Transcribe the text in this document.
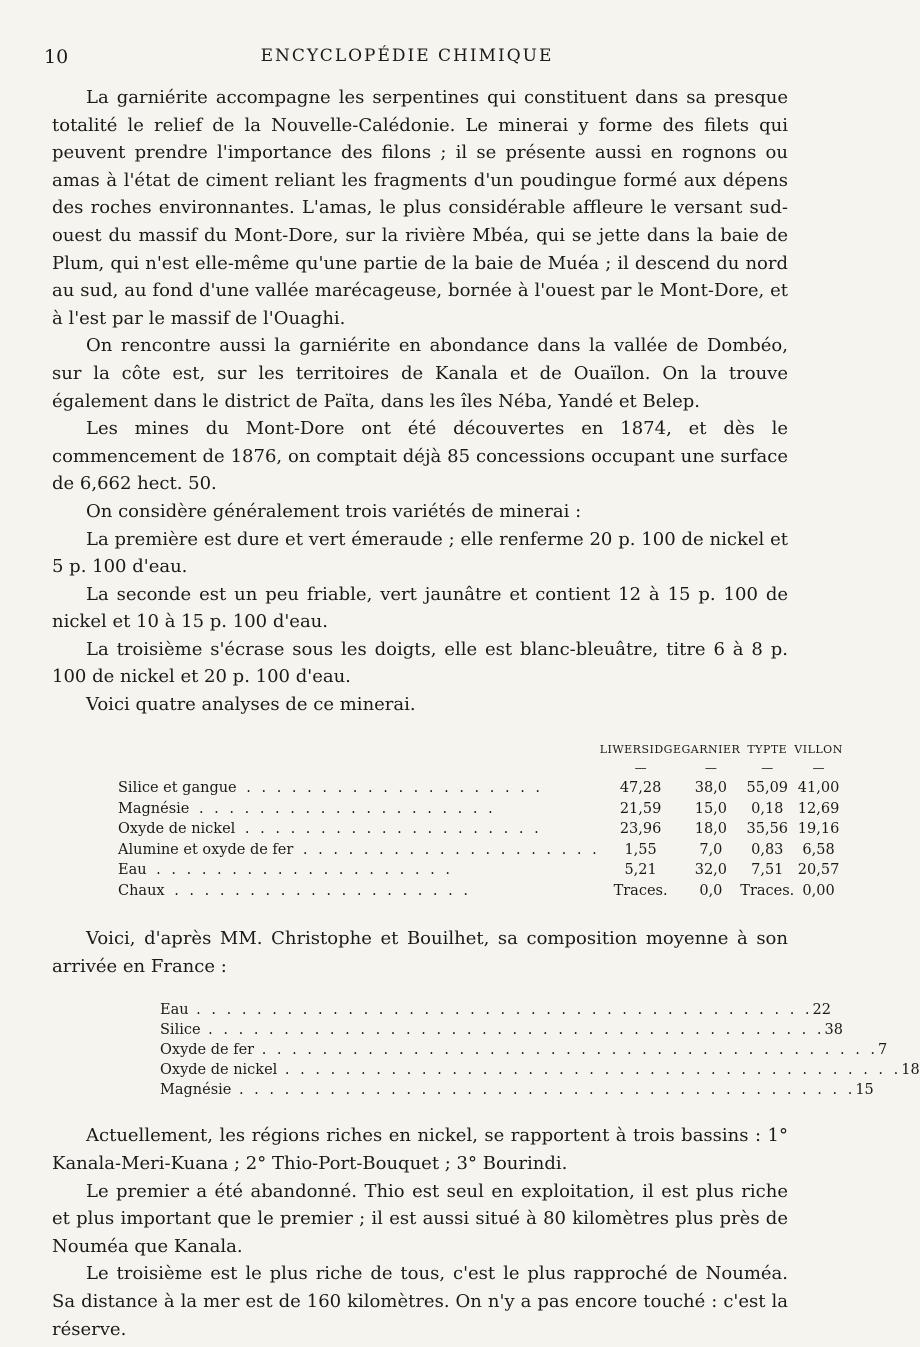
10	ENCYCLOPÉDIE CHIMIQUE

La garniérite accompagne les serpentines qui constituent dans sa presque totalité le relief de la Nouvelle-Calédonie. Le minerai y forme des filets qui peuvent prendre l'importance des filons ; il se présente aussi en rognons ou amas à l'état de ciment reliant les fragments d'un poudingue formé aux dépens des roches environnantes. L'amas, le plus considérable affleure le versant sud-ouest du massif du Mont-Dore, sur la rivière Mbéa, qui se jette dans la baie de Plum, qui n'est elle-même qu'une partie de la baie de Muéa ; il descend du nord au sud, au fond d'une vallée marécageuse, bornée à l'ouest par le Mont-Dore, et à l'est par le massif de l'Ouaghi.

On rencontre aussi la garniérite en abondance dans la vallée de Dombéo, sur la côte est, sur les territoires de Kanala et de Ouaïlon. On la trouve également dans le district de Païta, dans les îles Néba, Yandé et Belep.

Les mines du Mont-Dore ont été découvertes en 1874, et dès le commencement de 1876, on comptait déjà 85 concessions occupant une surface de 6,662 hect. 50.

On considère généralement trois variétés de minerai :

La première est dure et vert émeraude ; elle renferme 20 p. 100 de nickel et 5 p. 100 d'eau.

La seconde est un peu friable, vert jaunâtre et contient 12 à 15 p. 100 de nickel et 10 à 15 p. 100 d'eau.

La troisième s'écrase sous les doigts, elle est blanc-bleuâtre, titre 6 à 8 p. 100 de nickel et 20 p. 100 d'eau.

Voici quatre analyses de ce minerai.

	LIWERSIDGE	GARNIER	TYPTE	VILLON
	—	—	—	—
Silice et gangue . . . . . . . . . . . . . . . . . . . .	47,28	38,0	55,09	41,00
Magnésie . . . . . . . . . . . . . . . . . . . .	21,59	15,0	0,18	12,69
Oxyde de nickel . . . . . . . . . . . . . . . . . . . .	23,96	18,0	35,56	19,16
Alumine et oxyde de fer . . . . . . . . . . . . . . . . . . . .	1,55	7,0	0,83	6,58
Eau . . . . . . . . . . . . . . . . . . . .	5,21	32,0	7,51	20,57
Chaux . . . . . . . . . . . . . . . . . . . .	Traces.	0,0	Traces.	0,00

Voici, d'après MM. Christophe et Bouilhet, sa composition moyenne à son arrivée en France :

Eau . . . . . . . . . . . . . . . . . . . . . . . . . . . . . . . . . . . . . . . . . 22
Silice . . . . . . . . . . . . . . . . . . . . . . . . . . . . . . . . . . . . . . . . . 38
Oxyde de fer . . . . . . . . . . . . . . . . . . . . . . . . . . . . . . . . . . . . . . . . . 7
Oxyde de nickel . . . . . . . . . . . . . . . . . . . . . . . . . . . . . . . . . . . . . . . . . 18
Magnésie . . . . . . . . . . . . . . . . . . . . . . . . . . . . . . . . . . . . . . . . . 15

Actuellement, les régions riches en nickel, se rapportent à trois bassins : 1° Kanala-Meri-Kuana ; 2° Thio-Port-Bouquet ; 3° Bourindi.

Le premier a été abandonné. Thio est seul en exploitation, il est plus riche et plus important que le premier ; il est aussi situé à 80 kilomètres plus près de Nouméa que Kanala.

Le troisième est le plus riche de tous, c'est le plus rapproché de Nouméa. Sa distance à la mer est de 160 kilomètres. On n'y a pas encore touché : c'est la réserve.
